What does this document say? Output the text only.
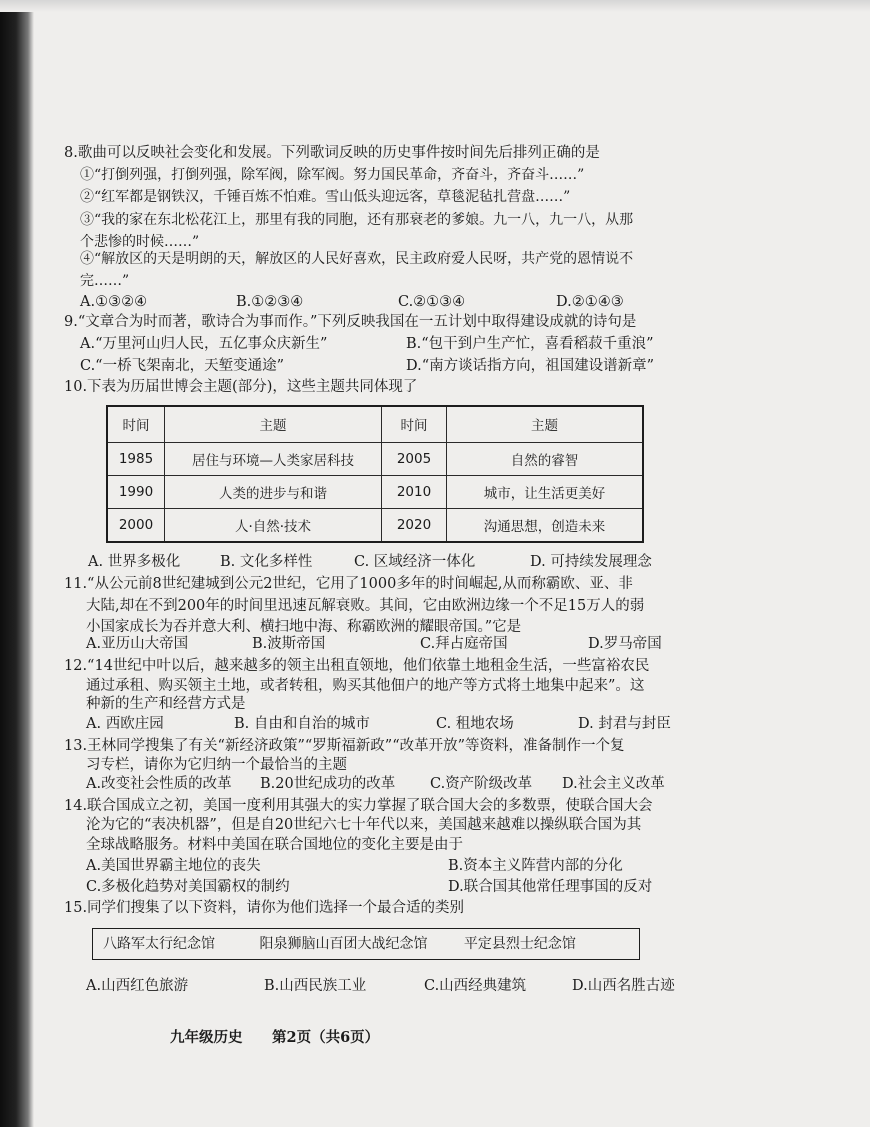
8.歌曲可以反映社会变化和发展。下列歌词反映的历史事件按时间先后排列正确的是
①“打倒列强，打倒列强，除军阀，除军阀。努力国民革命，齐奋斗，齐奋斗……”
②“红军都是钢铁汉，千锤百炼不怕难。雪山低头迎远客，草毯泥毡扎营盘……”
③“我的家在东北松花江上，那里有我的同胞，还有那衰老的爹娘。九一八，九一八，从那
个悲惨的时候……”
④“解放区的天是明朗的天，解放区的人民好喜欢，民主政府爱人民呀，共产党的恩情说不
完……”
A.①③②④	B.①②③④	C.②①③④	D.②①④③
9.“文章合为时而著，歌诗合为事而作。”下列反映我国在一五计划中取得建设成就的诗句是
A.“万里河山归人民，五亿事众庆新生”	B.“包干到户生产忙，喜看稻菽千重浪”
C.“一桥飞架南北，天堑变通途”	D.“南方谈话指方向，祖国建设谱新章”
10.下表为历届世博会主题(部分)，这些主题共同体现了
时间	主题	时间	主题
1985	居住与环境—人类家居科技	2005	自然的睿智
1990	人类的进步与和谐	2010	城市，让生活更美好
2000	人·自然·技术	2020	沟通思想，创造未来
A. 世界多极化	B. 文化多样性	C. 区域经济一体化	D. 可持续发展理念
11.“从公元前8世纪建城到公元2世纪，它用了1000多年的时间崛起,从而称霸欧、亚、非
大陆,却在不到200年的时间里迅速瓦解衰败。其间，它由欧洲边缘一个不足15万人的弱
小国家成长为吞并意大利、横扫地中海、称霸欧洲的耀眼帝国。”它是
A.亚历山大帝国	B.波斯帝国	C.拜占庭帝国	D.罗马帝国
12.“14世纪中叶以后，越来越多的领主出租直领地，他们依靠土地租金生活，一些富裕农民
通过承租、购买领主土地，或者转租，购买其他佃户的地产等方式将土地集中起来”。这
种新的生产和经营方式是
A. 西欧庄园	B. 自由和自治的城市	C. 租地农场	D. 封君与封臣
13.王林同学搜集了有关“新经济政策”“罗斯福新政”“改革开放”等资料，准备制作一个复
习专栏，请你为它归纳一个最恰当的主题
A.改变社会性质的改革 B.20世纪成功的改革 C.资产阶级改革 D.社会主义改革
14.联合国成立之初，美国一度利用其强大的实力掌握了联合国大会的多数票，使联合国大会
沦为它的“表决机器”，但是自20世纪六七十年代以来，美国越来越难以操纵联合国为其
全球战略服务。材料中美国在联合国地位的变化主要是由于
A.美国世界霸主地位的丧失	B.资本主义阵营内部的分化
C.多极化趋势对美国霸权的制约	D.联合国其他常任理事国的反对
15.同学们搜集了以下资料，请你为他们选择一个最合适的类别
八路军太行纪念馆	阳泉狮脑山百团大战纪念馆	平定县烈士纪念馆
A.山西红色旅游	B.山西民族工业	C.山西经典建筑	D.山西名胜古迹
九年级历史 第2页（共6页）
